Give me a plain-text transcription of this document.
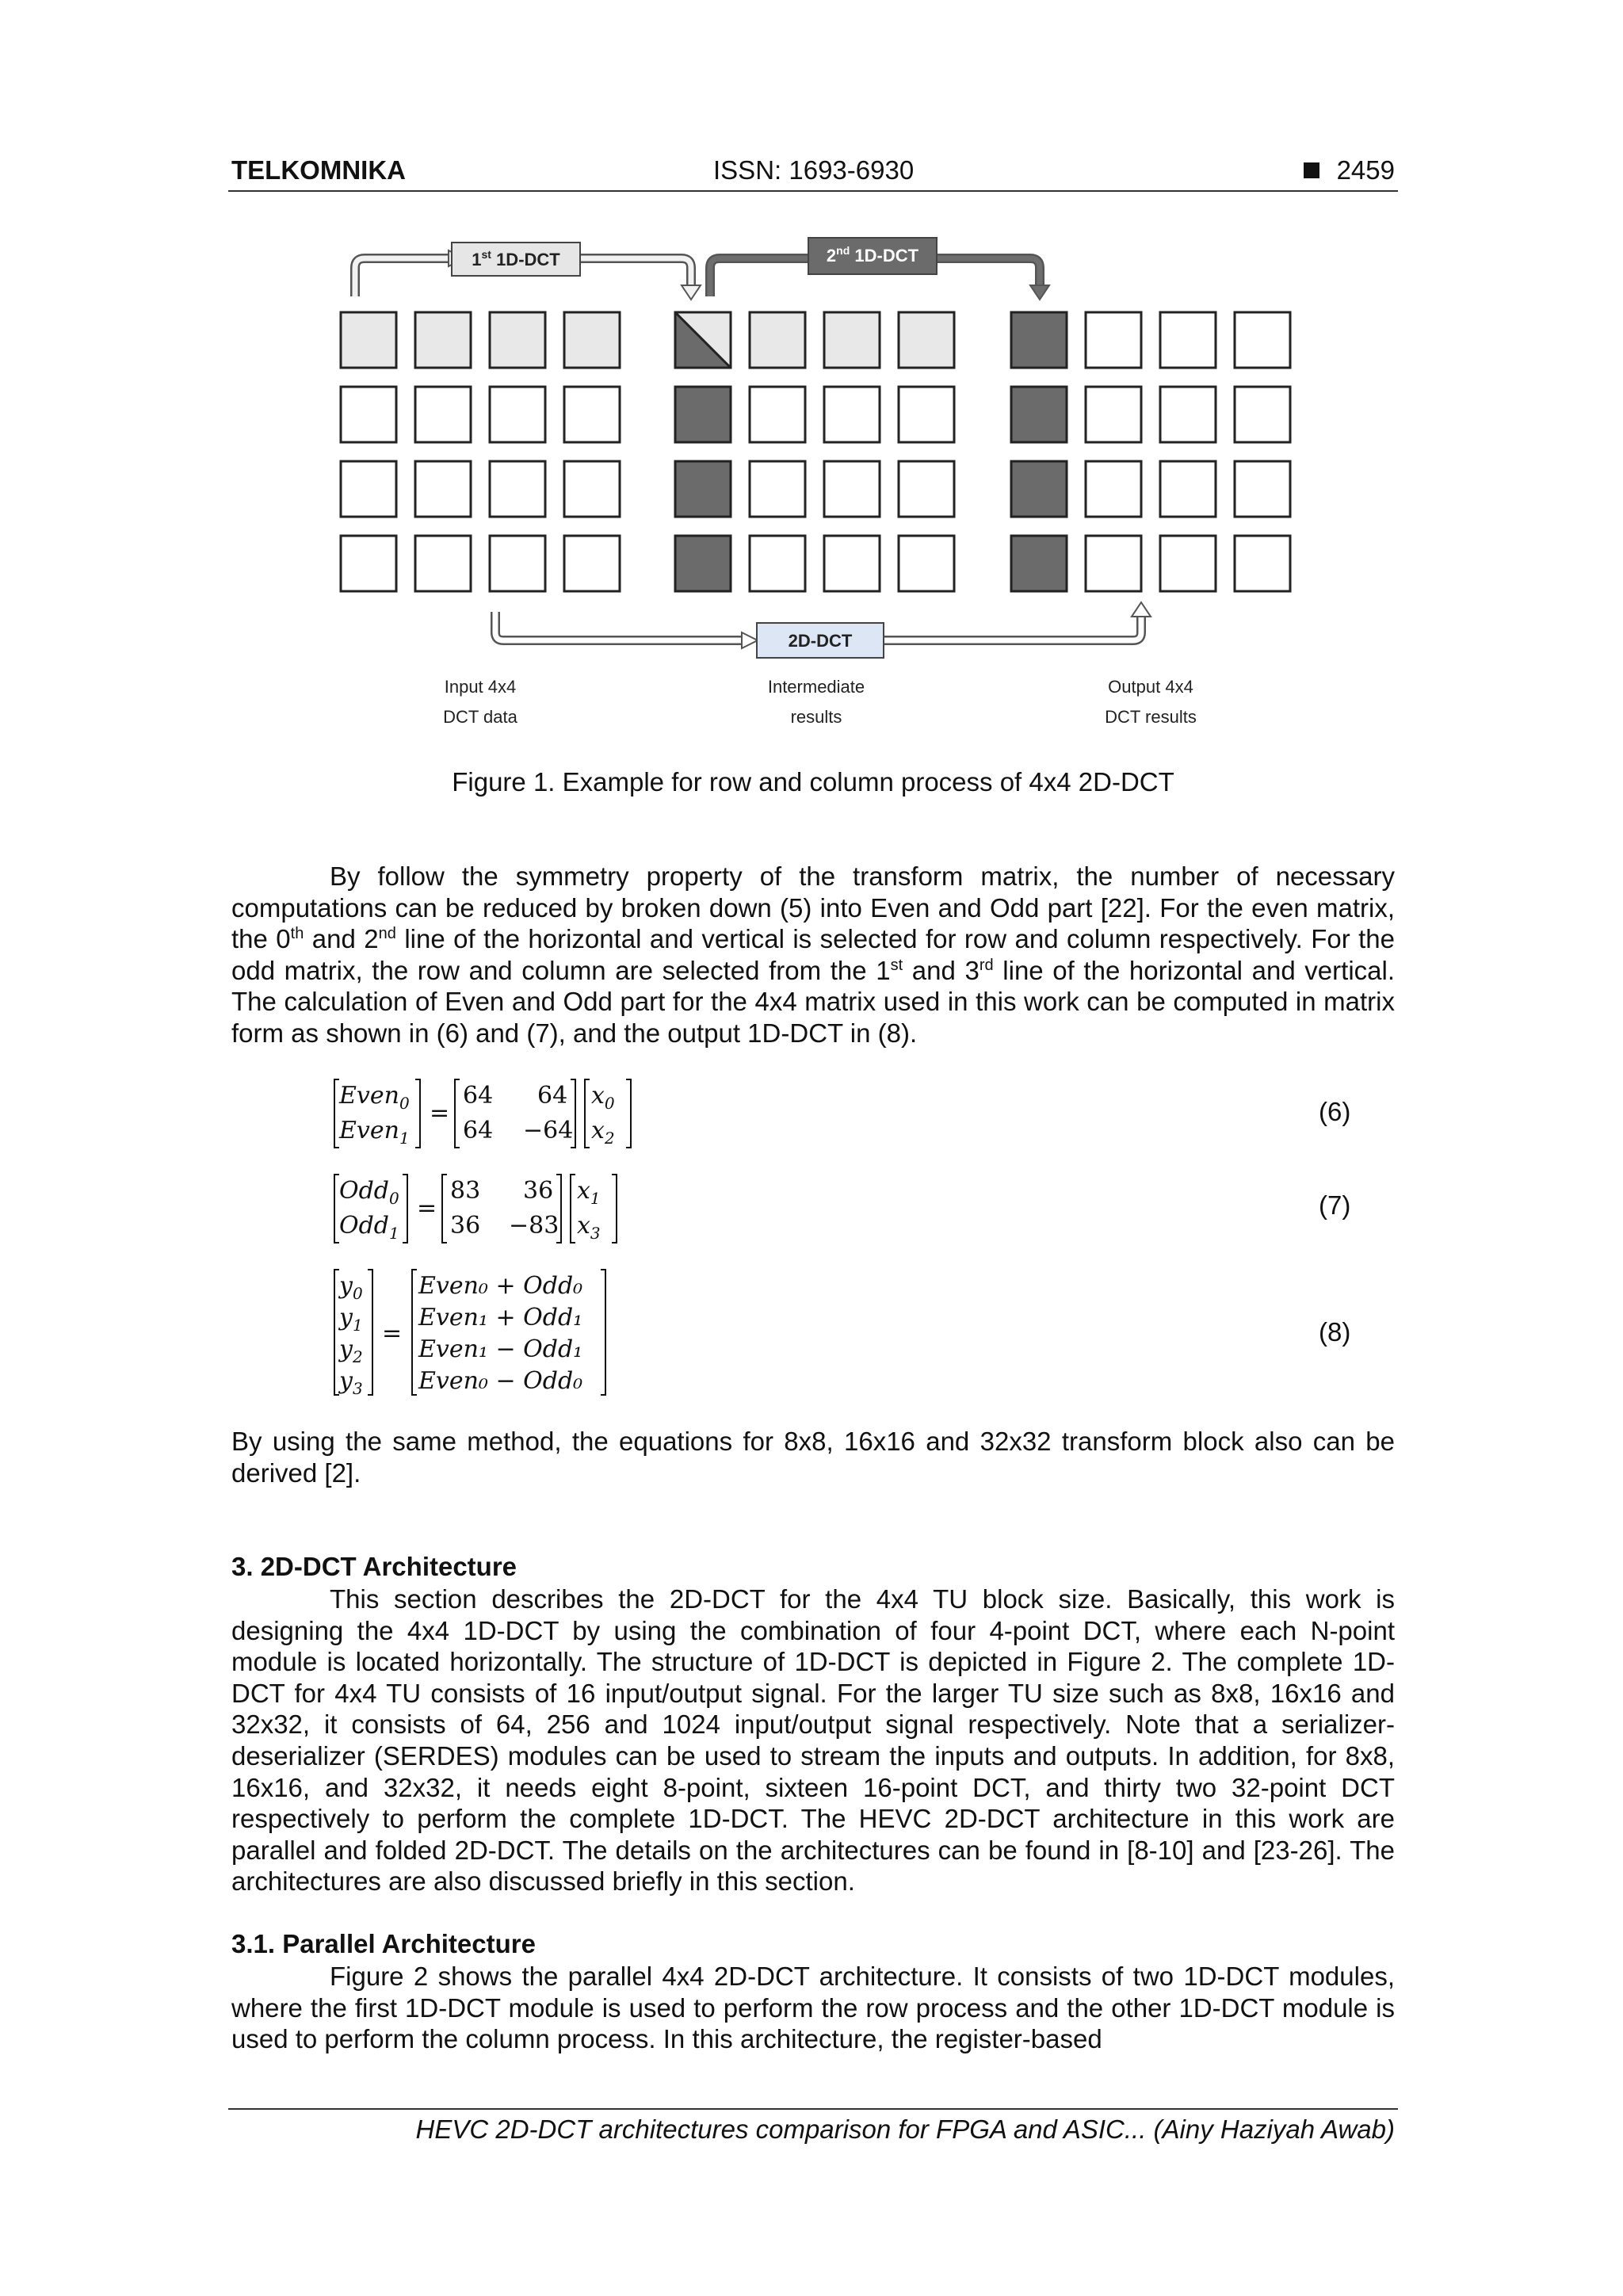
TELKOMNIKA	ISSN: 1693-6930	2459
1st 1D-DCT	2nd 1D-DCT
2D-DCT
Input 4x4
DCT data
Intermediate
results
Output 4x4
DCT results
Figure 1. Example for row and column process of 4x4 2D-DCT

By follow the symmetry property of the transform matrix, the number of necessary computations can be reduced by broken down (5) into Even and Odd part [22]. For the even matrix, the 0th and 2nd line of the horizontal and vertical is selected for row and column respectively. For the odd matrix, the row and column are selected from the 1st and 3rd line of the horizontal and vertical. The calculation of Even and Odd part for the 4x4 matrix used in this work can be computed in matrix form as shown in (6) and (7), and the output 1D-DCT in (8).

Even$_0$
Even$_1$
=
64 64
64 −64
$x_0$
$x_2$
(6)
Odd$_0$
Odd$_1$
=
83 36
36 −83
$x_1$
$x_3$
(7)
$y_0$
$y_1$
$y_2$
$y_3$
=
Even₀ + Odd₀
Even₁ + Odd₁
Even₁ − Odd₁
Even₀ − Odd₀
(8)

By using the same method, the equations for 8x8, 16x16 and 32x32 transform block also can be derived [2].

3. 2D-DCT Architecture

This section describes the 2D-DCT for the 4x4 TU block size. Basically, this work is designing the 4x4 1D-DCT by using the combination of four 4-point DCT, where each N-point module is located horizontally. The structure of 1D-DCT is depicted in Figure 2. The complete 1D-DCT for 4x4 TU consists of 16 input/output signal. For the larger TU size such as 8x8, 16x16 and 32x32, it consists of 64, 256 and 1024 input/output signal respectively. Note that a serializer-deserializer (SERDES) modules can be used to stream the inputs and outputs. In addition, for 8x8, 16x16, and 32x32, it needs eight 8-point, sixteen 16-point DCT, and thirty two 32-point DCT respectively to perform the complete 1D-DCT. The HEVC 2D-DCT architecture in this work are parallel and folded 2D-DCT. The details on the architectures can be found in [8-10] and [23-26]. The architectures are also discussed briefly in this section.

3.1. Parallel Architecture

Figure 2 shows the parallel 4x4 2D-DCT architecture. It consists of two 1D-DCT modules, where the first 1D-DCT module is used to perform the row process and the other 1D-DCT module is used to perform the column process. In this architecture, the register-based

HEVC 2D-DCT architectures comparison for FPGA and ASIC... (Ainy Haziyah Awab)
